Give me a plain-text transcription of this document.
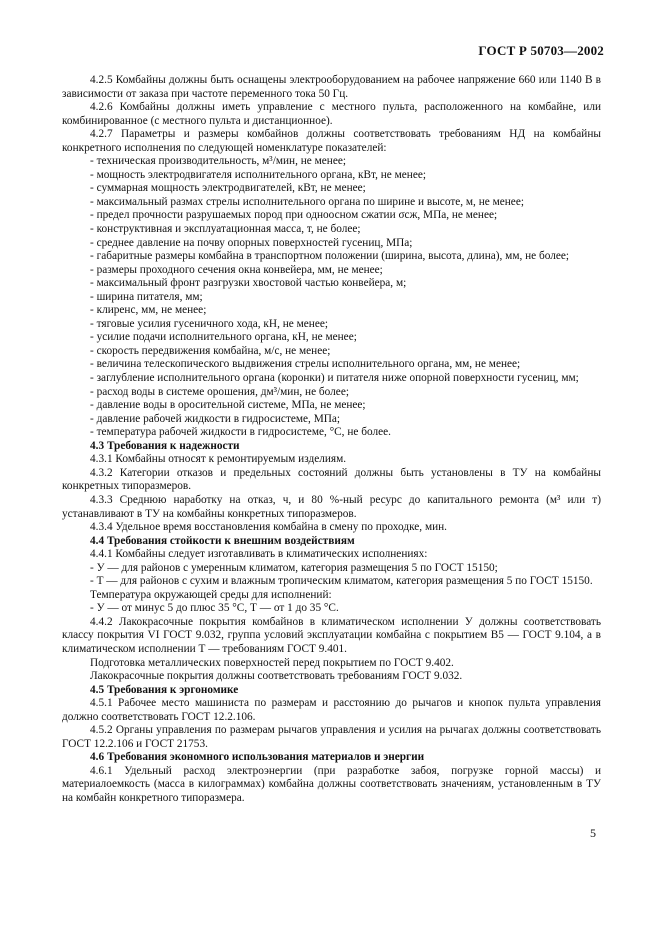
ГОСТ Р 50703—2002

4.2.5 Комбайны должны быть оснащены электрооборудованием на рабочее напряжение 660 или 1140 В в зависимости от заказа при частоте переменного тока 50 Гц.

4.2.6 Комбайны должны иметь управление с местного пульта, расположенного на комбайне, или комбинированное (с местного пульта и дистанционное).

4.2.7 Параметры и размеры комбайнов должны соответствовать требованиям НД на комбайны конкретного исполнения по следующей номенклатуре показателей:

- техническая производительность, м³/мин, не менее;

- мощность электродвигателя исполнительного органа, кВт, не менее;

- суммарная мощность электродвигателей, кВт, не менее;

- максимальный размах стрелы исполнительного органа по ширине и высоте, м, не менее;

- предел прочности разрушаемых пород при одноосном сжатии σсж, МПа, не менее;

- конструктивная и эксплуатационная масса, т, не более;

- среднее давление на почву опорных поверхностей гусениц, МПа;

- габаритные размеры комбайна в транспортном положении (ширина, высота, длина), мм, не более;

- размеры проходного сечения окна конвейера, мм, не менее;

- максимальный фронт разгрузки хвостовой частью конвейера, м;

- ширина питателя, мм;

- клиренс, мм, не менее;

- тяговые усилия гусеничного хода, кН, не менее;

- усилие подачи исполнительного органа, кН, не менее;

- скорость передвижения комбайна, м/с, не менее;

- величина телескопического выдвижения стрелы исполнительного органа, мм, не менее;

- заглубление исполнительного органа (коронки) и питателя ниже опорной поверхности гусениц, мм;

- расход воды в системе орошения, дм³/мин, не более;

- давление воды в оросительной системе, МПа, не менее;

- давление рабочей жидкости в гидросистеме, МПа;

- температура рабочей жидкости в гидросистеме, °С, не более.

4.3 Требования к надежности

4.3.1 Комбайны относят к ремонтируемым изделиям.

4.3.2 Категории отказов и предельных состояний должны быть установлены в ТУ на комбайны конкретных типоразмеров.

4.3.3 Среднюю наработку на отказ, ч, и 80 %-ный ресурс до капитального ремонта (м³ или т) устанавливают в ТУ на комбайны конкретных типоразмеров.

4.3.4 Удельное время восстановления комбайна в смену по проходке, мин.

4.4 Требования стойкости к внешним воздействиям

4.4.1 Комбайны следует изготавливать в климатических исполнениях:

- У — для районов с умеренным климатом, категория размещения 5 по ГОСТ 15150;

- Т — для районов с сухим и влажным тропическим климатом, категория размещения 5 по ГОСТ 15150.

Температура окружающей среды для исполнений:

- У — от минус 5 до плюс 35 °С, Т — от 1 до 35 °С.

4.4.2 Лакокрасочные покрытия комбайнов в климатическом исполнении У должны соответствовать классу покрытия VI ГОСТ 9.032, группа условий эксплуатации комбайна с покрытием В5 — ГОСТ 9.104, а в климатическом исполнении Т — требованиям ГОСТ 9.401.

Подготовка металлических поверхностей перед покрытием по ГОСТ 9.402.

Лакокрасочные покрытия должны соответствовать требованиям ГОСТ 9.032.

4.5 Требования к эргономике

4.5.1 Рабочее место машиниста по размерам и расстоянию до рычагов и кнопок пульта управления должно соответствовать ГОСТ 12.2.106.

4.5.2 Органы управления по размерам рычагов управления и усилия на рычагах должны соответствовать ГОСТ 12.2.106 и ГОСТ 21753.

4.6 Требования экономного использования материалов и энергии

4.6.1 Удельный расход электроэнергии (при разработке забоя, погрузке горной массы) и материалоемкость (масса в килограммах) комбайна должны соответствовать значениям, установленным в ТУ на комбайн конкретного типоразмера.

5
